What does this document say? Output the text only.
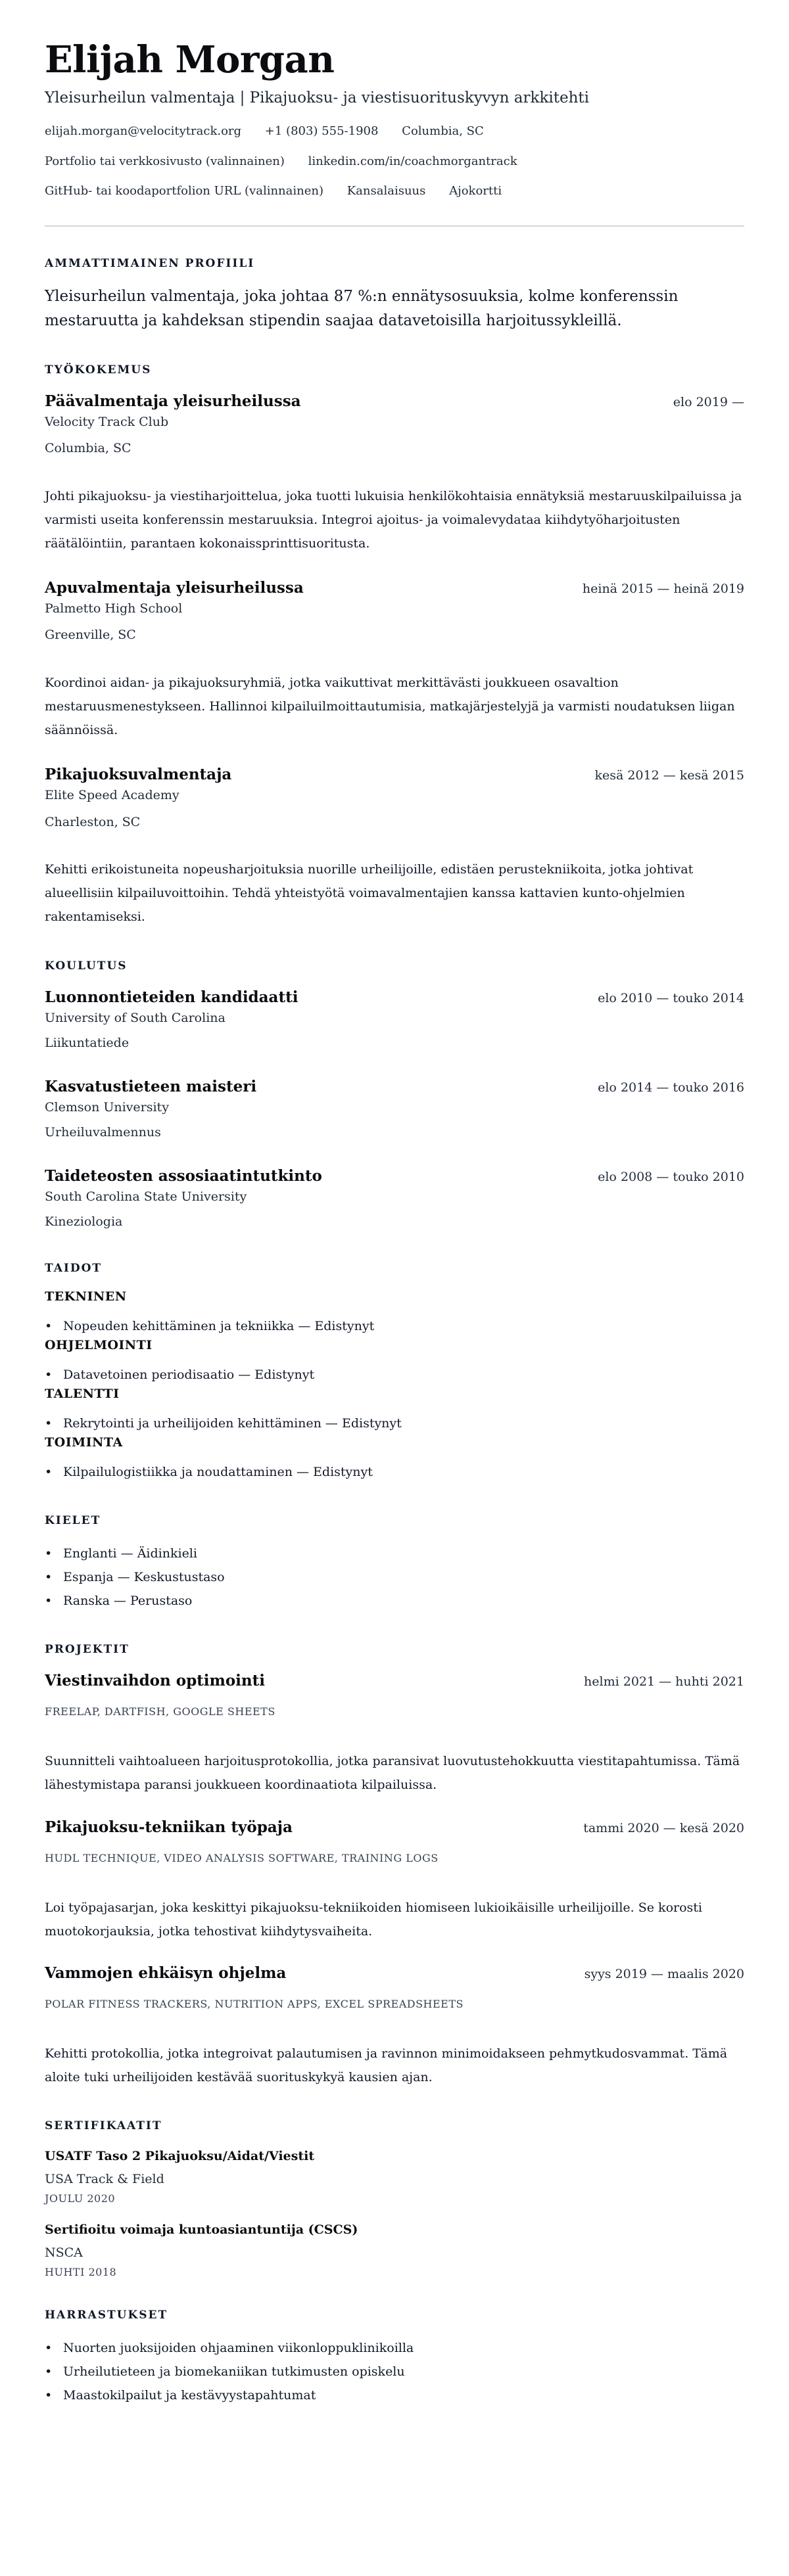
Elijah Morgan
Yleisurheilun valmentaja | Pikajuoksu- ja viestisuorituskyvyn arkkitehti
elijah.morgan@velocitytrack.org +1 (803) 555-1908 Columbia, SC
Portfolio tai verkkosivusto (valinnainen) linkedin.com/in/coachmorgantrack
GitHub- tai koodaportfolion URL (valinnainen) Kansalaisuus Ajokortti
AMMATTIMAINEN PROFIILI

Yleisurheilun valmentaja, joka johtaa 87 %:n ennätysosuuksia, kolme konferenssin mestaruutta ja kahdeksan stipendin saajaa datavetoisilla harjoitussykleillä.

TYÖKOKEMUS
Päävalmentaja yleisurheilussa	elo 2019 —
Velocity Track Club
Columbia, SC

Johti pikajuoksu- ja viestiharjoittelua, joka tuotti lukuisia henkilökohtaisia ennätyksiä mestaruuskilpailuissa ja varmisti useita konferenssin mestaruuksia. Integroi ajoitus- ja voimalevydataa kiihdytyöharjoitusten räätälöintiin, parantaen kokonaissprinttisuoritusta.

Apuvalmentaja yleisurheilussa	heinä 2015 — heinä 2019
Palmetto High School
Greenville, SC

Koordinoi aidan- ja pikajuoksuryhmiä, jotka vaikuttivat merkittävästi joukkueen osavaltion mestaruusmenestykseen. Hallinnoi kilpailuilmoittautumisia, matkajärjestelyjä ja varmisti noudatuksen liigan säännöissä.

Pikajuoksuvalmentaja	kesä 2012 — kesä 2015
Elite Speed Academy
Charleston, SC

Kehitti erikoistuneita nopeusharjoituksia nuorille urheilijoille, edistäen perustekniikoita, jotka johtivat alueellisiin kilpailuvoittoihin. Tehdä yhteistyötä voimavalmentajien kanssa kattavien kunto-ohjelmien rakentamiseksi.

KOULUTUS
Luonnontieteiden kandidaatti	elo 2010 — touko 2014
University of South Carolina
Liikuntatiede
Kasvatustieteen maisteri	elo 2014 — touko 2016
Clemson University
Urheiluvalmennus
Taideteosten assosiaatintutkinto	elo 2008 — touko 2010
South Carolina State University
Kineziologia
TAIDOT
TEKNINEN
• Nopeuden kehittäminen ja tekniikka — Edistynyt
OHJELMOINTI
• Datavetoinen periodisaatio — Edistynyt
TALENTTI
• Rekrytointi ja urheilijoiden kehittäminen — Edistynyt
TOIMINTA
• Kilpailulogistiikka ja noudattaminen — Edistynyt
KIELET
• Englanti — Äidinkieli
• Espanja — Keskustustaso
• Ranska — Perustaso
PROJEKTIT
Viestinvaihdon optimointi	helmi 2021 — huhti 2021
FREELAP, DARTFISH, GOOGLE SHEETS

Suunnitteli vaihtoalueen harjoitusprotokollia, jotka paransivat luovutustehokkuutta viestitapahtumissa. Tämä lähestymistapa paransi joukkueen koordinaatiota kilpailuissa.

Pikajuoksu-tekniikan työpaja	tammi 2020 — kesä 2020
HUDL TECHNIQUE, VIDEO ANALYSIS SOFTWARE, TRAINING LOGS

Loi työpajasarjan, joka keskittyi pikajuoksu-tekniikoiden hiomiseen lukioikäisille urheilijoille. Se korosti muotokorjauksia, jotka tehostivat kiihdytysvaiheita.

Vammojen ehkäisyn ohjelma	syys 2019 — maalis 2020
POLAR FITNESS TRACKERS, NUTRITION APPS, EXCEL SPREADSHEETS

Kehitti protokollia, jotka integroivat palautumisen ja ravinnon minimoidakseen pehmytkudosvammat. Tämä aloite tuki urheilijoiden kestävää suorituskykyä kausien ajan.

SERTIFIKAATIT
USATF Taso 2 Pikajuoksu/Aidat/Viestit
USA Track & Field
JOULU 2020
Sertifioitu voimaja kuntoasiantuntija (CSCS)
NSCA
HUHTI 2018
HARRASTUKSET
• Nuorten juoksijoiden ohjaaminen viikonloppuklinikoilla
• Urheilutieteen ja biomekaniikan tutkimusten opiskelu
• Maastokilpailut ja kestävyystapahtumat
